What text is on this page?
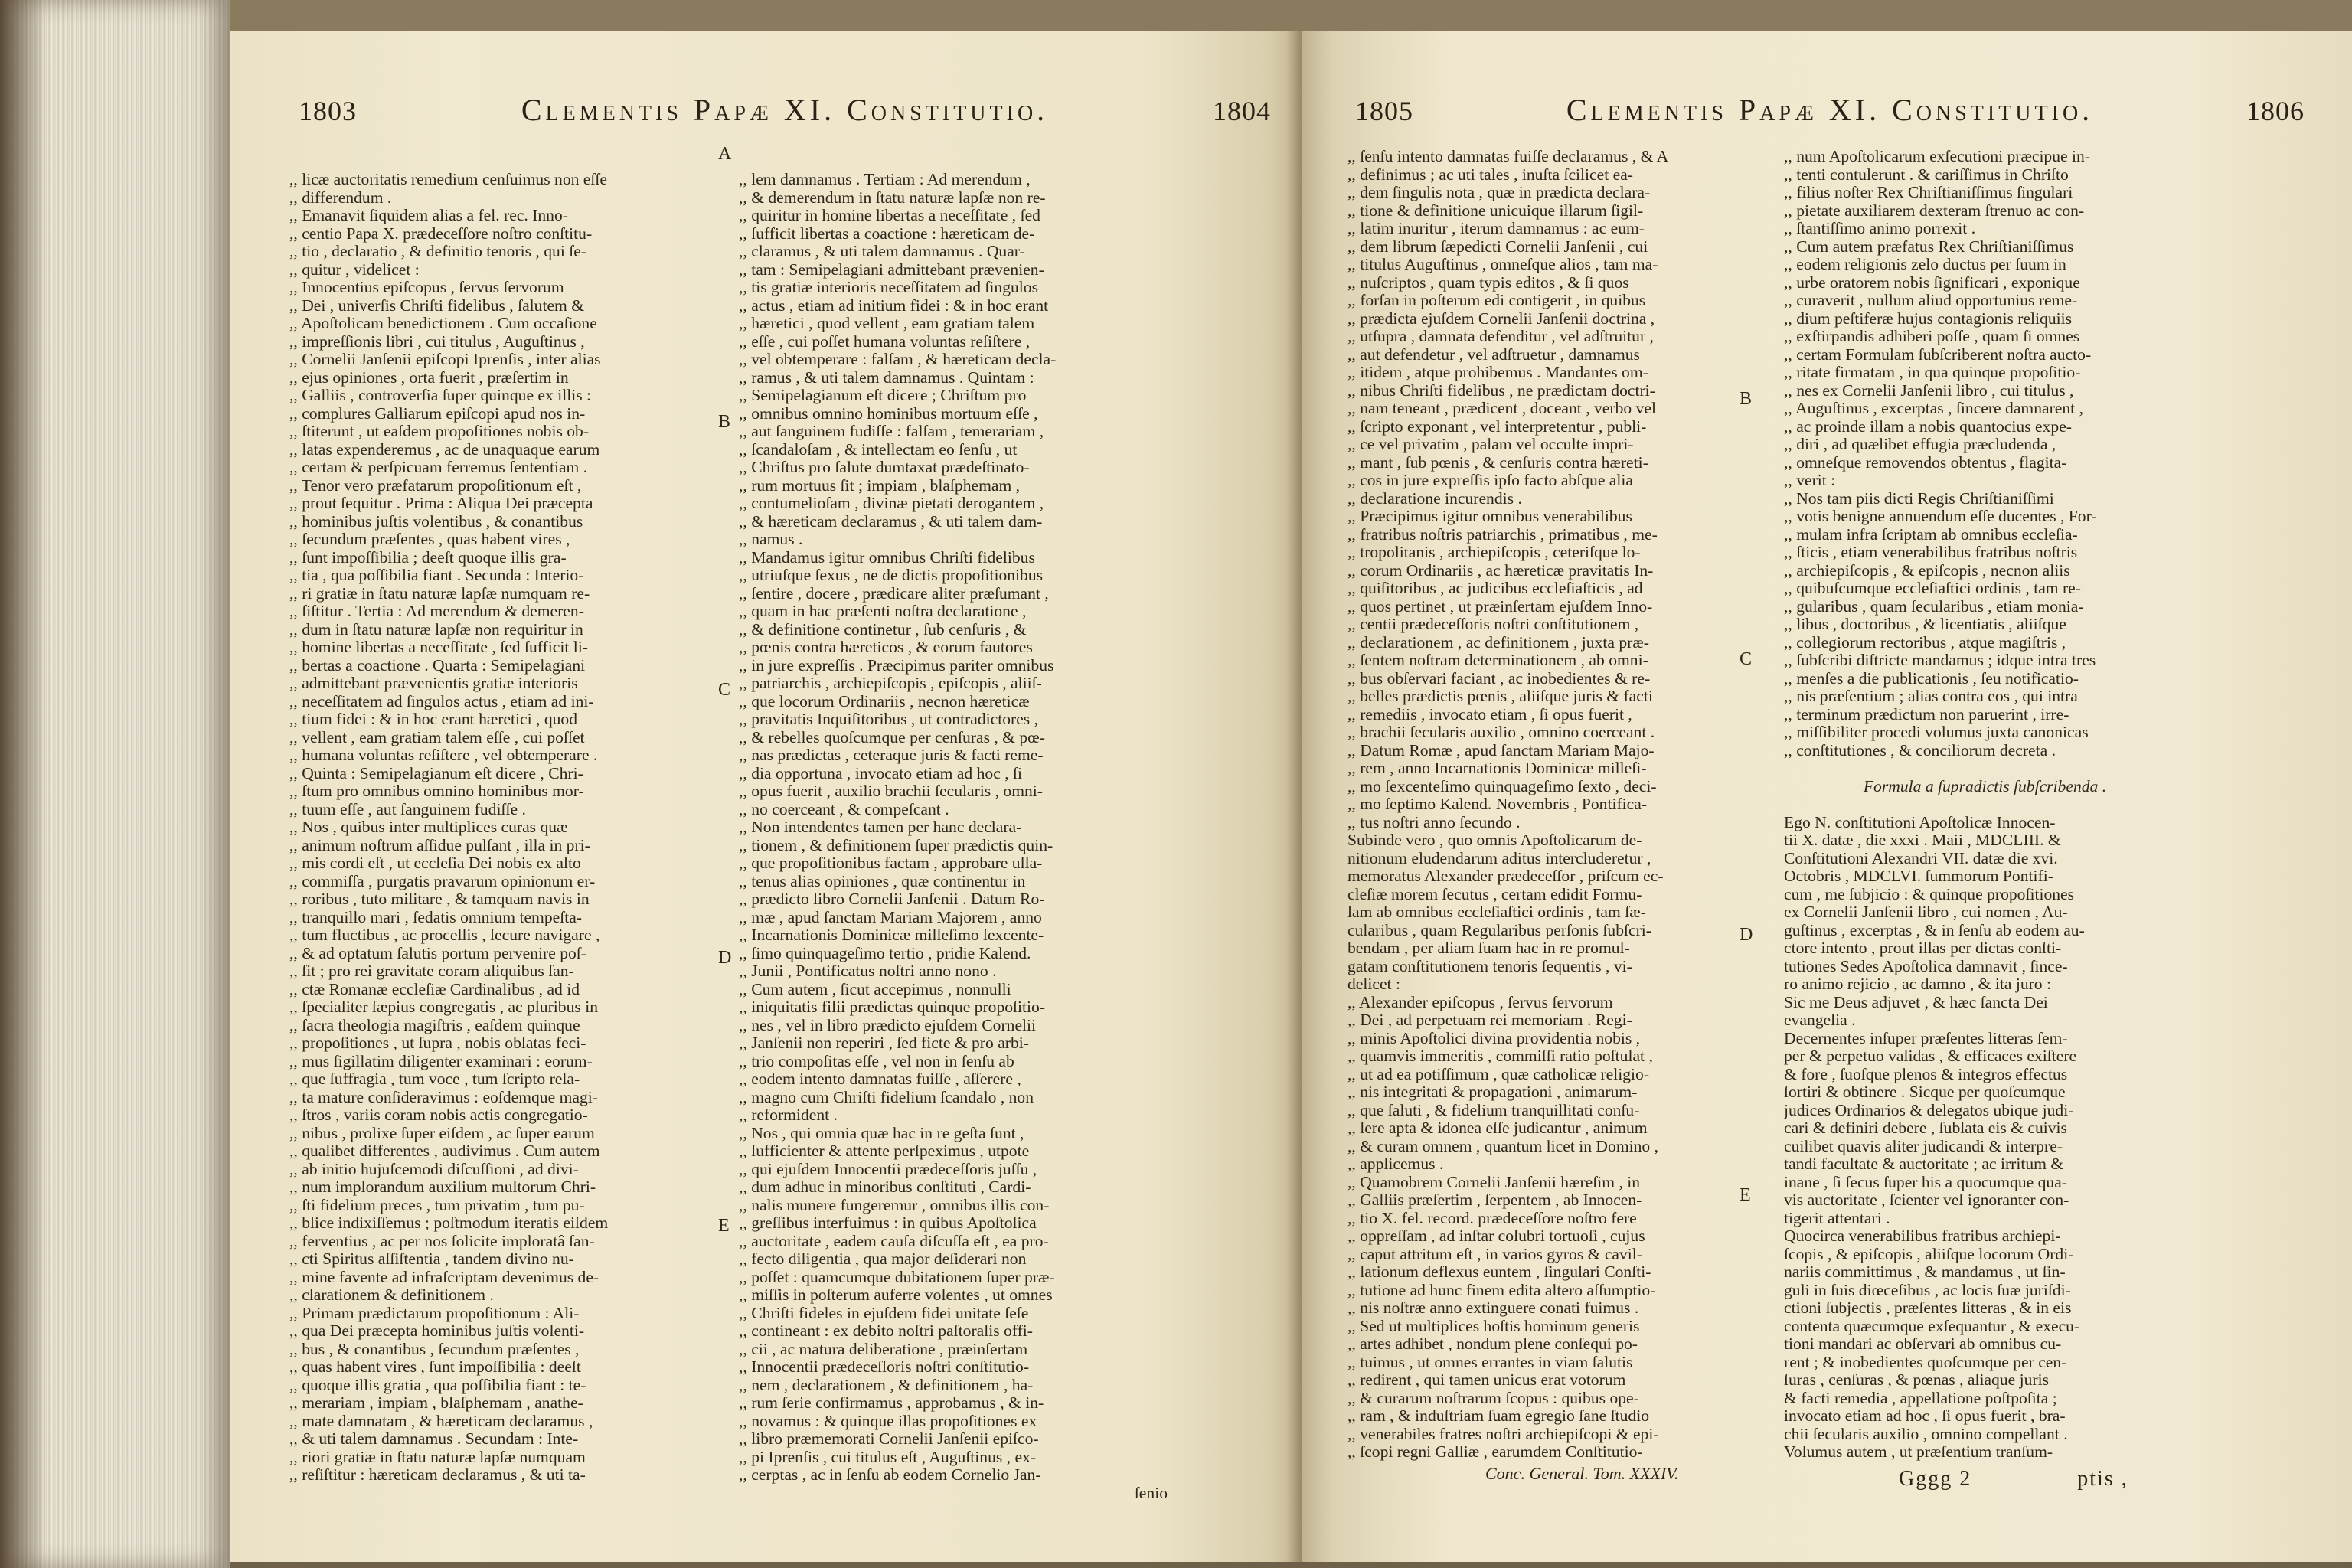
1803	Clementis Papæ XI. Constitutio.	1804
,, licæ auctoritatis remedium cenſuimus non eſſe
,, differendum .
,, Emanavit ſiquidem alias a fel. rec. Inno-
,, centio Papa X. prædeceſſore noſtro conſtitu-
,, tio , declaratio , & definitio tenoris , qui ſe-
,, quitur , videlicet :
,, Innocentius epiſcopus , ſervus ſervorum
,, Dei , univerſis Chriſti fidelibus , ſalutem &
,, Apoſtolicam benedictionem . Cum occaſione
,, impreſſionis libri , cui titulus , Auguſtinus ,
,, Cornelii Janſenii epiſcopi Iprenſis , inter alias
,, ejus opiniones , orta fuerit , præſertim in
,, Galliis , controverſia ſuper quinque ex illis :
,, complures Galliarum epiſcopi apud nos in-
,, ſtiterunt , ut eaſdem propoſitiones nobis ob-
,, latas expenderemus , ac de unaquaque earum
,, certam & perſpicuam ferremus ſententiam .
,, Tenor vero præfatarum propoſitionum eſt ,
,, prout ſequitur . Prima : Aliqua Dei præcepta
,, hominibus juſtis volentibus , & conantibus
,, ſecundum præſentes , quas habent vires ,
,, ſunt impoſſibilia ; deeſt quoque illis gra-
,, tia , qua poſſibilia fiant . Secunda : Interio-
,, ri gratiæ in ſtatu naturæ lapſæ numquam re-
,, ſiſtitur . Tertia : Ad merendum & demeren-
,, dum in ſtatu naturæ lapſæ non requiritur in
,, homine libertas a neceſſitate , ſed ſufficit li-
,, bertas a coactione . Quarta : Semipelagiani
,, admittebant prævenientis gratiæ interioris
,, neceſſitatem ad ſingulos actus , etiam ad ini-
,, tium fidei : & in hoc erant hæretici , quod
,, vellent , eam gratiam talem eſſe , cui poſſet
,, humana voluntas reſiſtere , vel obtemperare .
,, Quinta : Semipelagianum eſt dicere , Chri-
,, ſtum pro omnibus omnino hominibus mor-
,, tuum eſſe , aut ſanguinem fudiſſe .
,, Nos , quibus inter multiplices curas quæ
,, animum noſtrum aſſidue pulſant , illa in pri-
,, mis cordi eſt , ut eccleſia Dei nobis ex alto
,, commiſſa , purgatis pravarum opinionum er-
,, roribus , tuto militare , & tamquam navis in
,, tranquillo mari , ſedatis omnium tempeſta-
,, tum fluctibus , ac procellis , ſecure navigare ,
,, & ad optatum ſalutis portum pervenire poſ-
,, ſit ; pro rei gravitate coram aliquibus ſan-
,, ctæ Romanæ eccleſiæ Cardinalibus , ad id
,, ſpecialiter ſæpius congregatis , ac pluribus in
,, ſacra theologia magiſtris , eaſdem quinque
,, propoſitiones , ut ſupra , nobis oblatas feci-
,, mus ſigillatim diligenter examinari : eorum-
,, que ſuffragia , tum voce , tum ſcripto rela-
,, ta mature conſideravimus : eoſdemque magi-
,, ſtros , variis coram nobis actis congregatio-
,, nibus , prolixe ſuper eiſdem , ac ſuper earum
,, qualibet differentes , audivimus . Cum autem
,, ab initio hujuſcemodi diſcuſſioni , ad divi-
,, num implorandum auxilium multorum Chri-
,, ſti fidelium preces , tum privatim , tum pu-
,, blice indixiſſemus ; poſtmodum iteratis eiſdem
,, ferventius , ac per nos ſolicite imploratâ ſan-
,, cti Spiritus aſſiſtentia , tandem divino nu-
,, mine favente ad infraſcriptam devenimus de-
,, clarationem & definitionem .
,, Primam prædictarum propoſitionum : Ali-
,, qua Dei præcepta hominibus juſtis volenti-
,, bus , & conantibus , ſecundum præſentes ,
,, quas habent vires , ſunt impoſſibilia : deeſt
,, quoque illis gratia , qua poſſibilia fiant : te-
,, merariam , impiam , blaſphemam , anathe-
,, mate damnatam , & hæreticam declaramus ,
,, & uti talem damnamus . Secundam : Inte-
,, riori gratiæ in ſtatu naturæ lapſæ numquam
,, reſiſtitur : hæreticam declaramus , & uti ta-
,, lem damnamus . Tertiam : Ad merendum ,
,, & demerendum in ſtatu naturæ lapſæ non re-
,, quiritur in homine libertas a neceſſitate , ſed
,, ſufficit libertas a coactione : hæreticam de-
,, claramus , & uti talem damnamus . Quar-
,, tam : Semipelagiani admittebant prævenien-
,, tis gratiæ interioris neceſſitatem ad ſingulos
,, actus , etiam ad initium fidei : & in hoc erant
,, hæretici , quod vellent , eam gratiam talem
,, eſſe , cui poſſet humana voluntas reſiſtere ,
,, vel obtemperare : falſam , & hæreticam decla-
,, ramus , & uti talem damnamus . Quintam :
,, Semipelagianum eſt dicere ; Chriſtum pro
,, omnibus omnino hominibus mortuum eſſe ,
,, aut ſanguinem fudiſſe : falſam , temerariam ,
,, ſcandaloſam , & intellectam eo ſenſu , ut
,, Chriſtus pro ſalute dumtaxat prædeſtinato-
,, rum mortuus ſit ; impiam , blaſphemam ,
,, contumelioſam , divinæ pietati derogantem ,
,, & hæreticam declaramus , & uti talem dam-
,, namus .
,, Mandamus igitur omnibus Chriſti fidelibus
,, utriuſque ſexus , ne de dictis propoſitionibus
,, ſentire , docere , prædicare aliter præſumant ,
,, quam in hac præſenti noſtra declaratione ,
,, & definitione continetur , ſub cenſuris , &
,, pœnis contra hæreticos , & eorum fautores
,, in jure expreſſis . Præcipimus pariter omnibus
,, patriarchis , archiepiſcopis , epiſcopis , aliiſ-
,, que locorum Ordinariis , necnon hæreticæ
,, pravitatis Inquiſitoribus , ut contradictores ,
,, & rebelles quoſcumque per cenſuras , & pœ-
,, nas prædictas , ceteraque juris & facti reme-
,, dia opportuna , invocato etiam ad hoc , ſi
,, opus fuerit , auxilio brachii ſecularis , omni-
,, no coerceant , & compeſcant .
,, Non intendentes tamen per hanc declara-
,, tionem , & definitionem ſuper prædictis quin-
,, que propoſitionibus factam , approbare ulla-
,, tenus alias opiniones , quæ continentur in
,, prædicto libro Cornelii Janſenii . Datum Ro-
,, mæ , apud ſanctam Mariam Majorem , anno
,, Incarnationis Dominicæ milleſimo ſexcente-
,, ſimo quinquageſimo tertio , pridie Kalend.
,, Junii , Pontificatus noſtri anno nono .
,, Cum autem , ſicut accepimus , nonnulli
,, iniquitatis filii prædictas quinque propoſitio-
,, nes , vel in libro prædicto ejuſdem Cornelii
,, Janſenii non reperiri , ſed ficte & pro arbi-
,, trio compoſitas eſſe , vel non in ſenſu ab
,, eodem intento damnatas fuiſſe , aſſerere ,
,, magno cum Chriſti fidelium ſcandalo , non
,, reformident .
,, Nos , qui omnia quæ hac in re geſta ſunt ,
,, ſufficienter & attente perſpeximus , utpote
,, qui ejuſdem Innocentii prædeceſſoris juſſu ,
,, dum adhuc in minoribus conſtituti , Cardi-
,, nalis munere fungeremur , omnibus illis con-
,, greſſibus interfuimus : in quibus Apoſtolica
,, auctoritate , eadem cauſa diſcuſſa eſt , ea pro-
,, fecto diligentia , qua major deſiderari non
,, poſſet : quamcumque dubitationem ſuper præ-
,, miſſis in poſterum auferre volentes , ut omnes
,, Chriſti fideles in ejuſdem fidei unitate ſeſe
,, contineant : ex debito noſtri paſtoralis offi-
,, cii , ac matura deliberatione , præinſertam
,, Innocentii prædeceſſoris noſtri conſtitutio-
,, nem , declarationem , & definitionem , ha-
,, rum ſerie confirmamus , approbamus , & in-
,, novamus : & quinque illas propoſitiones ex
,, libro præmemorati Cornelii Janſenii epiſco-
,, pi Iprenſis , cui titulus eſt , Auguſtinus , ex-
,, cerptas , ac in ſenſu ab eodem Cornelio Jan-
ſenio
A
B
C
D
E
1805	Clementis Papæ XI. Constitutio.	1806
,, ſenſu intento damnatas fuiſſe declaramus , & A
,, definimus ; ac uti tales , inuſta ſcilicet ea-
,, dem ſingulis nota , quæ in prædicta declara-
,, tione & definitione unicuique illarum ſigil-
,, latim inuritur , iterum damnamus : ac eum-
,, dem librum ſæpedicti Cornelii Janſenii , cui
,, titulus Auguſtinus , omneſque alios , tam ma-
,, nuſcriptos , quam typis editos , & ſi quos
,, forſan in poſterum edi contigerit , in quibus
,, prædicta ejuſdem Cornelii Janſenii doctrina ,
,, utſupra , damnata defenditur , vel adſtruitur ,
,, aut defendetur , vel adſtruetur , damnamus
,, itidem , atque prohibemus . Mandantes om-
,, nibus Chriſti fidelibus , ne prædictam doctri-
,, nam teneant , prædicent , doceant , verbo vel
,, ſcripto exponant , vel interpretentur , publi-
,, ce vel privatim , palam vel occulte impri-
,, mant , ſub pœnis , & cenſuris contra hæreti-
,, cos in jure expreſſis ipſo facto abſque alia
,, declaratione incurendis .
,, Præcipimus igitur omnibus venerabilibus
,, fratribus noſtris patriarchis , primatibus , me-
,, tropolitanis , archiepiſcopis , ceteriſque lo-
,, corum Ordinariis , ac hæreticæ pravitatis In-
,, quiſitoribus , ac judicibus eccleſiaſticis , ad
,, quos pertinet , ut præinſertam ejuſdem Inno-
,, centii prædeceſſoris noſtri conſtitutionem ,
,, declarationem , ac definitionem , juxta præ-
,, ſentem noſtram determinationem , ab omni-
,, bus obſervari faciant , ac inobedientes & re-
,, belles prædictis pœnis , aliiſque juris & facti
,, remediis , invocato etiam , ſi opus fuerit ,
,, brachii ſecularis auxilio , omnino coerceant .
,, Datum Romæ , apud ſanctam Mariam Majo-
,, rem , anno Incarnationis Dominicæ milleſi-
,, mo ſexcenteſimo quinquageſimo ſexto , deci-
,, mo ſeptimo Kalend. Novembris , Pontifica-
,, tus noſtri anno ſecundo .
Subinde vero , quo omnis Apoſtolicarum de-
nitionum eludendarum aditus intercluderetur ,
memoratus Alexander prædeceſſor , priſcum ec-
cleſiæ morem ſecutus , certam edidit Formu-
lam ab omnibus eccleſiaſtici ordinis , tam ſæ-
cularibus , quam Regularibus perſonis ſubſcri-
bendam , per aliam ſuam hac in re promul-
gatam conſtitutionem tenoris ſequentis , vi-
delicet :
,, Alexander epiſcopus , ſervus ſervorum
,, Dei , ad perpetuam rei memoriam . Regi-
,, minis Apoſtolici divina providentia nobis ,
,, quamvis immeritis , commiſſi ratio poſtulat ,
,, ut ad ea potiſſimum , quæ catholicæ religio-
,, nis integritati & propagationi , animarum-
,, que ſaluti , & fidelium tranquillitati conſu-
,, lere apta & idonea eſſe judicantur , animum
,, & curam omnem , quantum licet in Domino ,
,, applicemus .
,, Quamobrem Cornelii Janſenii hæreſim , in
,, Galliis præſertim , ſerpentem , ab Innocen-
,, tio X. fel. record. prædeceſſore noſtro fere
,, oppreſſam , ad inſtar colubri tortuoſi , cujus
,, caput attritum eſt , in varios gyros & cavil-
,, lationum deflexus euntem , ſingulari Conſti-
,, tutione ad hunc finem edita altero aſſumptio-
,, nis noſtræ anno extinguere conati fuimus .
,, Sed ut multiplices hoſtis hominum generis
,, artes adhibet , nondum plene conſequi po-
,, tuimus , ut omnes errantes in viam ſalutis
,, redirent , qui tamen unicus erat votorum
,, & curarum noſtrarum ſcopus : quibus ope-
,, ram , & induſtriam ſuam egregio ſane ſtudio
,, venerabiles fratres noſtri archiepiſcopi & epi-
,, ſcopi regni Galliæ , earumdem Conſtitutio-
,, num Apoſtolicarum exſecutioni præcipue in-
,, tenti contulerunt . & cariſſimus in Chriſto
,, filius noſter Rex Chriſtianiſſimus ſingulari
,, pietate auxiliarem dexteram ſtrenuo ac con-
,, ſtantiſſimo animo porrexit .
,, Cum autem præfatus Rex Chriſtianiſſimus
,, eodem religionis zelo ductus per ſuum in
,, urbe oratorem nobis ſignificari , exponique
,, curaverit , nullum aliud opportunius reme-
,, dium peſtiferæ hujus contagionis reliquiis
,, exſtirpandis adhiberi poſſe , quam ſi omnes
,, certam Formulam ſubſcriberent noſtra aucto-
,, ritate firmatam , in qua quinque propoſitio-
,, nes ex Cornelii Janſenii libro , cui titulus ,
,, Auguſtinus , excerptas , ſincere damnarent ,
,, ac proinde illam a nobis quantocius expe-
,, diri , ad quælibet effugia præcludenda ,
,, omneſque removendos obtentus , flagita-
,, verit :
,, Nos tam piis dicti Regis Chriſtianiſſimi
,, votis benigne annuendum eſſe ducentes , For-
,, mulam infra ſcriptam ab omnibus eccleſia-
,, ſticis , etiam venerabilibus fratribus noſtris
,, archiepiſcopis , & epiſcopis , necnon aliis
,, quibuſcumque eccleſiaſtici ordinis , tam re-
,, gularibus , quam ſecularibus , etiam monia-
,, libus , doctoribus , & licentiatis , aliiſque
,, collegiorum rectoribus , atque magiſtris ,
,, ſubſcribi diſtricte mandamus ; idque intra tres
,, menſes a die publicationis , ſeu notificatio-
,, nis præſentium ; alias contra eos , qui intra
,, terminum prædictum non paruerint , irre-
,, miſſibiliter procedi volumus juxta canonicas
,, conſtitutiones , & conciliorum decreta .

Formula a ſupradictis ſubſcribenda .

Ego N. conſtitutioni Apoſtolicæ Innocen-
tii X. datæ , die xxxi . Maii , MDCLIII. &
Conſtitutioni Alexandri VII. datæ die xvi.
Octobris , MDCLVI. ſummorum Pontifi-
cum , me ſubjicio : & quinque propoſitiones
ex Cornelii Janſenii libro , cui nomen , Au-
guſtinus , excerptas , & in ſenſu ab eodem au-
ctore intento , prout illas per dictas conſti-
tutiones Sedes Apoſtolica damnavit , ſince-
ro animo rejicio , ac damno , & ita juro :
Sic me Deus adjuvet , & hæc ſancta Dei
evangelia .
Decernentes inſuper præſentes litteras ſem-
per & perpetuo validas , & efficaces exiſtere
& fore , ſuoſque plenos & integros effectus
ſortiri & obtinere . Sicque per quoſcumque
judices Ordinarios & delegatos ubique judi-
cari & definiri debere , ſublata eis & cuivis
cuilibet quavis aliter judicandi & interpre-
tandi facultate & auctoritate ; ac irritum &
inane , ſi ſecus ſuper his a quocumque qua-
vis auctoritate , ſcienter vel ignoranter con-
tigerit attentari .
Quocirca venerabilibus fratribus archiepi-
ſcopis , & epiſcopis , aliiſque locorum Ordi-
nariis committimus , & mandamus , ut ſin-
guli in ſuis diœceſibus , ac locis ſuæ juriſdi-
ctioni ſubjectis , præſentes litteras , & in eis
contenta quæcumque exſequantur , & execu-
tioni mandari ac obſervari ab omnibus cu-
rent ; & inobedientes quoſcumque per cen-
ſuras , cenſuras , & pœnas , aliaque juris
& facti remedia , appellatione poſtpoſita ;
invocato etiam ad hoc , ſi opus fuerit , bra-
chii ſecularis auxilio , omnino compellant .
Volumus autem , ut præſentium tranſum-
B
C
D
E
Conc. General. Tom. XXXIV.	Gggg 2	ptis ,
